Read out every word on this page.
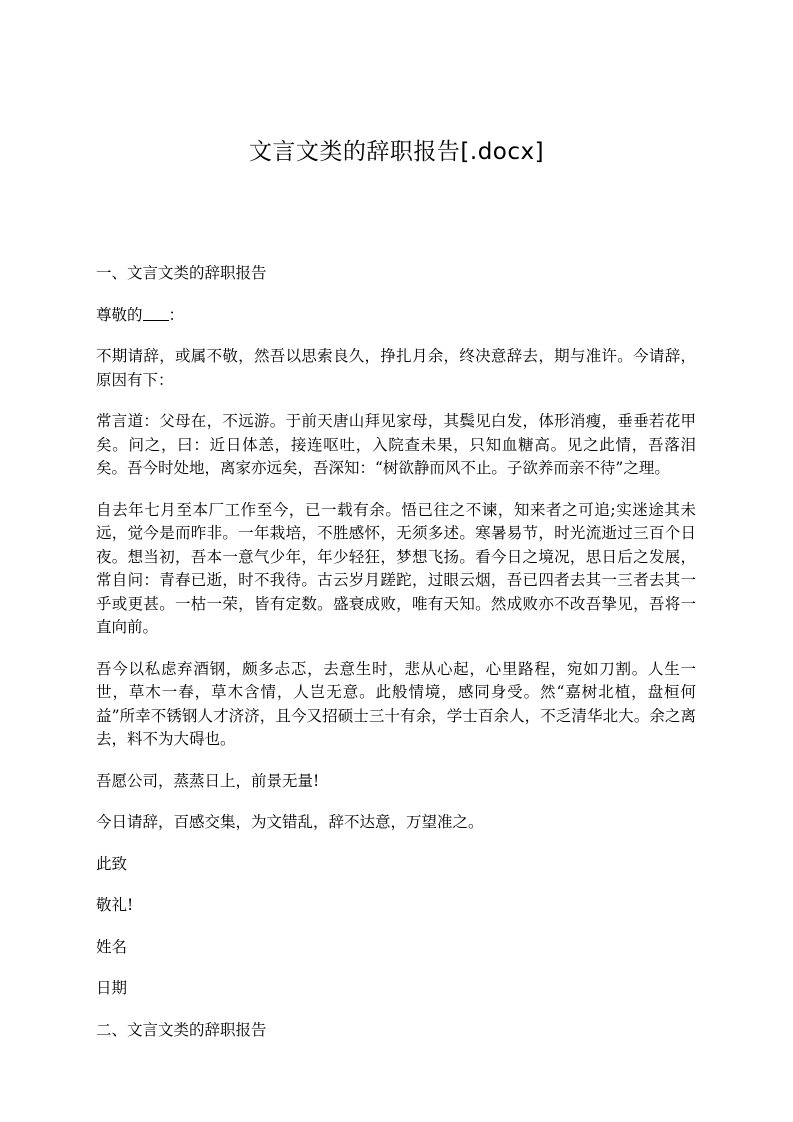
文言文类的辞职报告[.docx]

一、文言文类的辞职报告

尊敬的 ：

不期请辞，或属不敬，然吾以思索良久，挣扎月余，终决意辞去，期与准许。今请辞，原因有下：

常言道：父母在，不远游。于前天唐山拜见家母，其鬓见白发，体形消瘦，垂垂若花甲矣。问之，曰：近日体恙，接连呕吐，入院查未果，只知血糖高。见之此情，吾落泪矣。吾今时处地，离家亦远矣，吾深知：“树欲静而风不止。子欲养而亲不待”之理。

自去年七月至本厂工作至今，已一载有余。悟已往之不谏，知来者之可追;实迷途其未远，觉今是而昨非。一年栽培，不胜感怀，无须多述。寒暑易节，时光流逝过三百个日夜。想当初，吾本一意气少年，年少轻狂，梦想飞扬。看今日之境况，思日后之发展，常自问：青春已逝，时不我待。古云岁月蹉跎，过眼云烟，吾已四者去其一三者去其一乎或更甚。一枯一荣，皆有定数。盛衰成败，唯有天知。然成败亦不改吾挚见，吾将一直向前。

吾今以私虑弃酒钢，颇多忐忑，去意生时，悲从心起，心里路程，宛如刀割。人生一世，草木一春，草木含情，人岂无意。此般情境，感同身受。然“嘉树北植，盘桓何益”所幸不锈钢人才济济，且今又招硕士三十有余，学士百余人，不乏清华北大。余之离去，料不为大碍也。

吾愿公司，蒸蒸日上，前景无量!

今日请辞，百感交集，为文错乱，辞不达意，万望准之。

此致

敬礼!

姓名

日期

二、文言文类的辞职报告
